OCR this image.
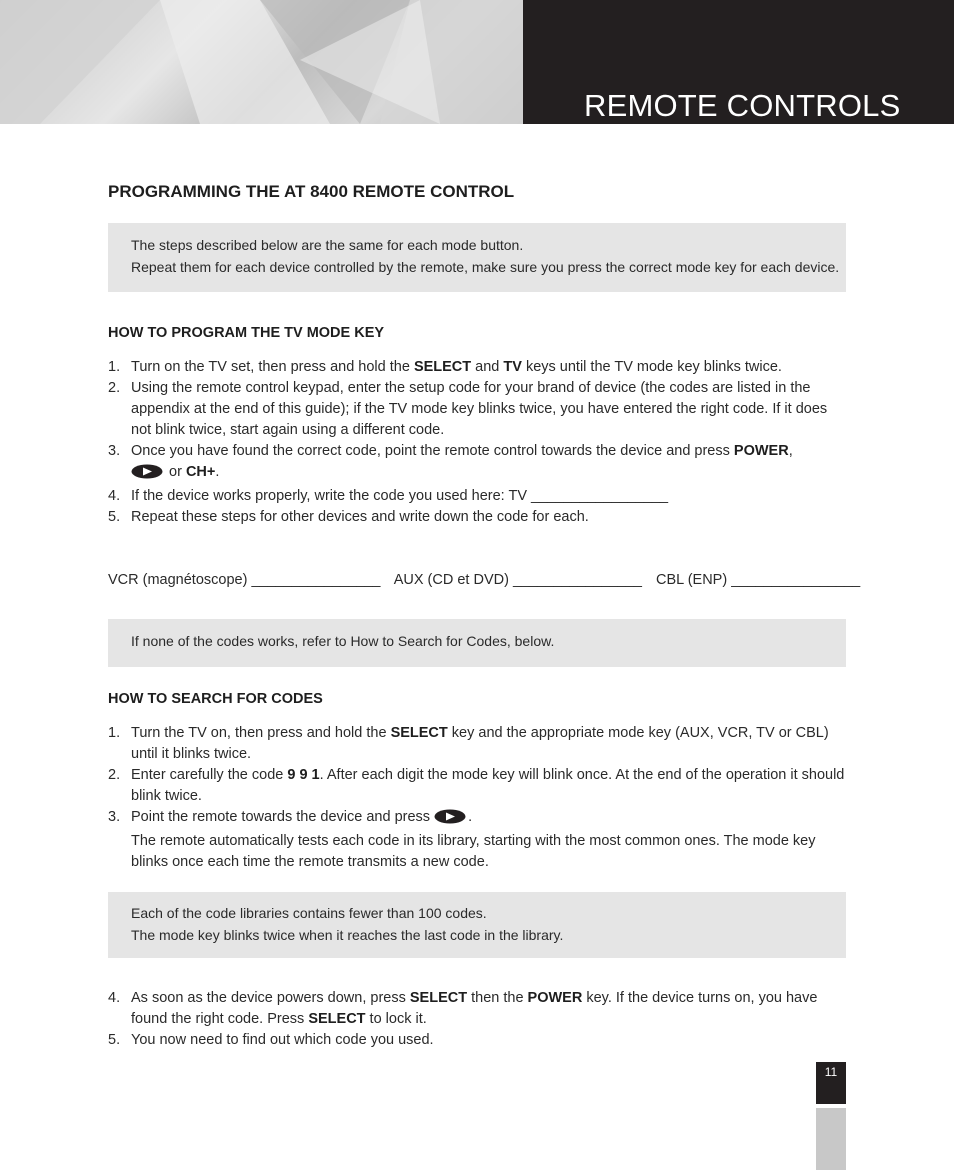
REMOTE CONTROLS
PROGRAMMING THE AT 8400 REMOTE CONTROL

The steps described below are the same for each mode button.

Repeat them for each device controlled by the remote, make sure you press the correct mode key for each device.

HOW TO PROGRAM THE TV MODE KEY
1. Turn on the TV set, then press and hold the SELECT and TV keys until the TV mode key blinks twice.
2. Using the remote control keypad, enter the setup code for your brand of device (the codes are listed in the appendix at the end of this guide); if the TV mode key blinks twice, you have entered the right code. If it does not blink twice, start again using a different code.
3. Once you have found the correct code, point the remote control towards the device and press POWER,
or CH+.
4. If the device works properly, write the code you used here: TV _________________
5. Repeat these steps for other devices and write down the code for each.
VCR (magnétoscope) ________________ AUX (CD et DVD) ________________ CBL (ENP) ________________

If none of the codes works, refer to How to Search for Codes, below.

HOW TO SEARCH FOR CODES
1. Turn the TV on, then press and hold the SELECT key and the appropriate mode key (AUX, VCR, TV or CBL) until it blinks twice.
2. Enter carefully the code 9 9 1. After each digit the mode key will blink once. At the end of the operation it should blink twice.
3. Point the remote towards the device and press .
The remote automatically tests each code in its library, starting with the most common ones. The mode key blinks once each time the remote transmits a new code.

Each of the code libraries contains fewer than 100 codes.

The mode key blinks twice when it reaches the last code in the library.

4. As soon as the device powers down, press SELECT then the POWER key. If the device turns on, you have found the right code. Press SELECT to lock it.
5. You now need to find out which code you used.
11
